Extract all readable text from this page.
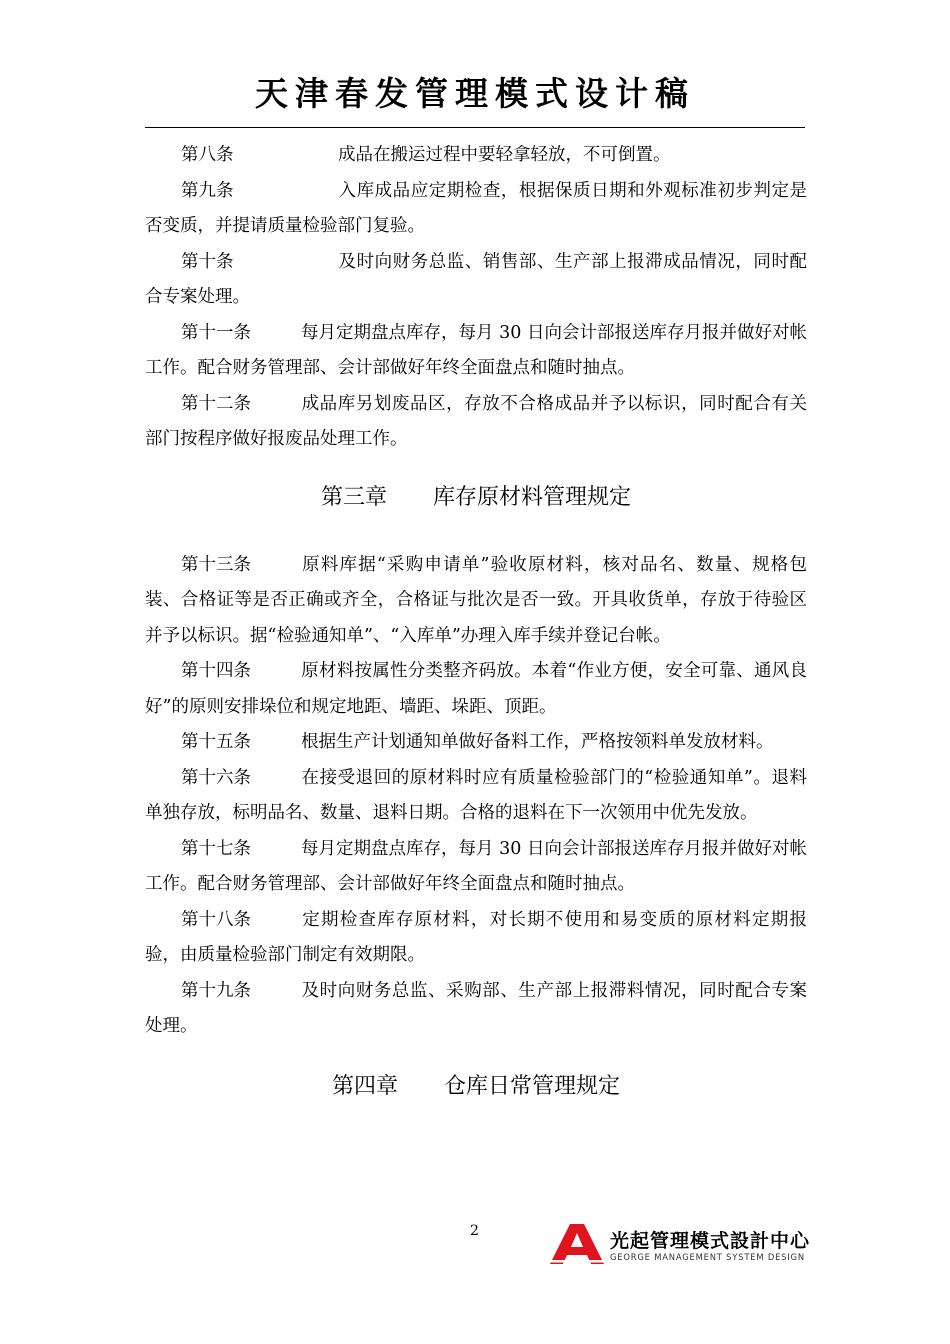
天津春发管理模式设计稿

第八条	成品在搬运过程中要轻拿轻放，不可倒置。

第九条	入库成品应定期检查，根据保质日期和外观标准初步判定是否变质，并提请质量检验部门复验。

第十条	及时向财务总监、销售部、生产部上报滞成品情况，同时配合专案处理。

第十一条	每月定期盘点库存，每月 30 日向会计部报送库存月报并做好对帐工作。配合财务管理部、会计部做好年终全面盘点和随时抽点。

第十二条	成品库另划废品区，存放不合格成品并予以标识，同时配合有关部门按程序做好报废品处理工作。

第三章 库存原材料管理规定

第十三条	原料库据“采购申请单”验收原材料，核对品名、数量、规格包装、合格证等是否正确或齐全，合格证与批次是否一致。开具收货单，存放于待验区并予以标识。据“检验通知单”、“入库单”办理入库手续并登记台帐。

第十四条	原材料按属性分类整齐码放。本着“作业方便，安全可靠、通风良好”的原则安排垛位和规定地距、墙距、垛距、顶距。

第十五条	根据生产计划通知单做好备料工作，严格按领料单发放材料。

第十六条	在接受退回的原材料时应有质量检验部门的“检验通知单”。退料单独存放，标明品名、数量、退料日期。合格的退料在下一次领用中优先发放。

第十七条	每月定期盘点库存，每月 30 日向会计部报送库存月报并做好对帐工作。配合财务管理部、会计部做好年终全面盘点和随时抽点。

第十八条	定期检查库存原材料，对长期不使用和易变质的原材料定期报验，由质量检验部门制定有效期限。

第十九条	及时向财务总监、采购部、生产部上报滞料情况，同时配合专案处理。

第四章 仓库日常管理规定
2	光起管理模式設計中心
GEORGE MANAGEMENT SYSTEM DESIGN
